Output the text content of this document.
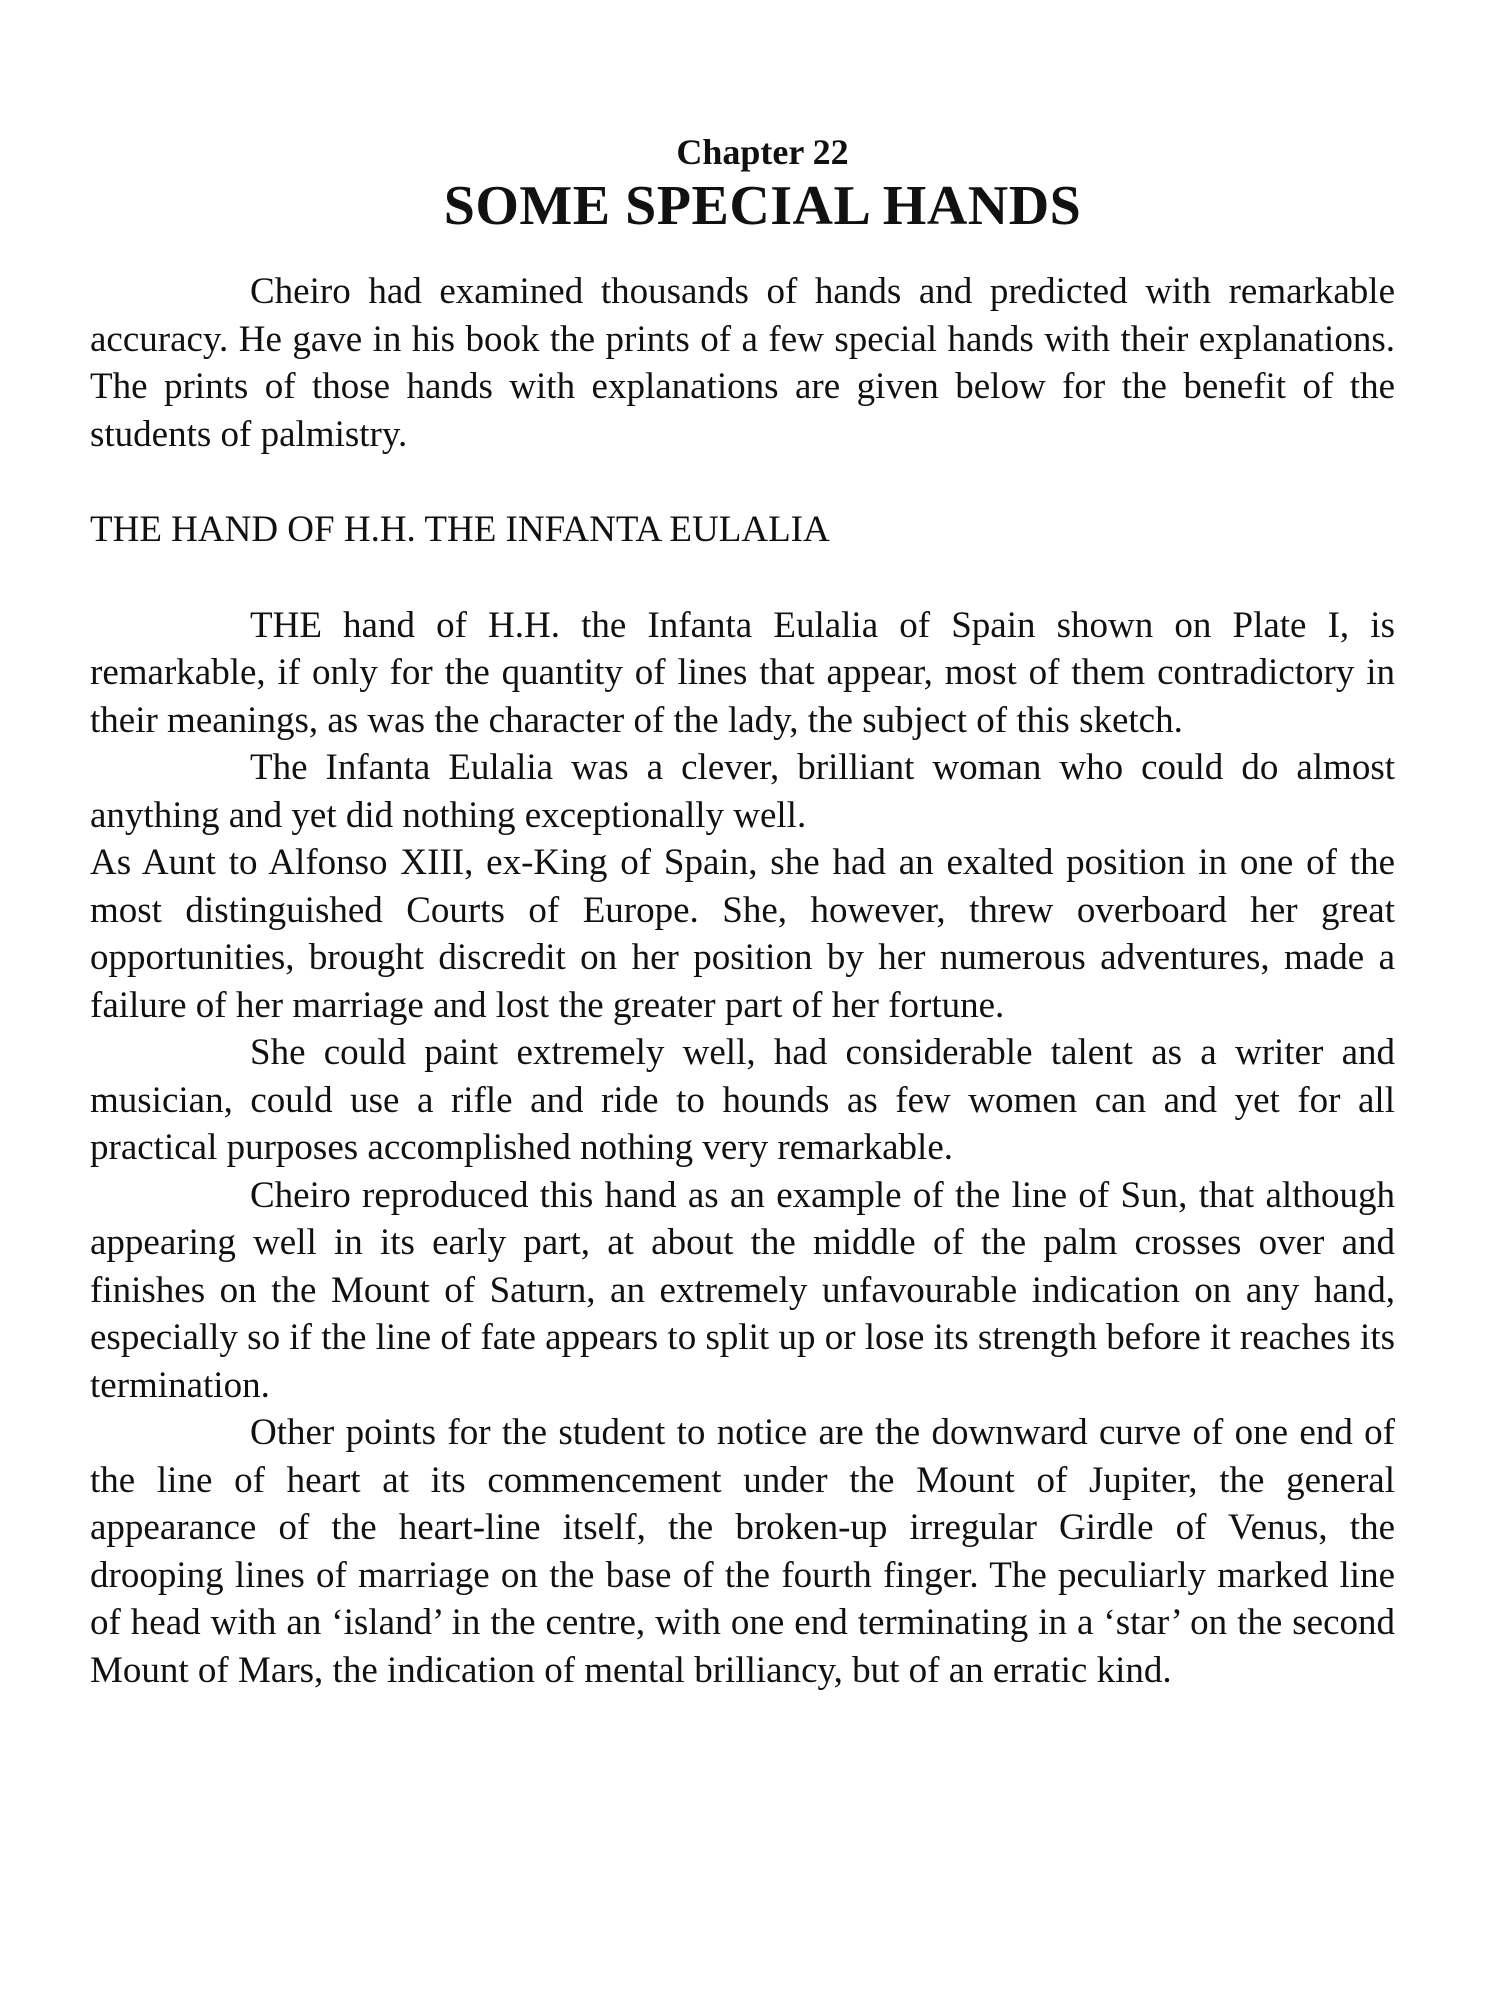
Chapter 22
SOME SPECIAL HANDS

Cheiro had examined thousands of hands and predicted with remarkable accuracy. He gave in his book the prints of a few special hands with their explanations. The prints of those hands with explanations are given below for the benefit of the students of palmistry.

THE HAND OF H.H. THE INFANTA EULALIA

THE hand of H.H. the Infanta Eulalia of Spain shown on Plate I, is remarkable, if only for the quantity of lines that appear, most of them contradictory in their meanings, as was the character of the lady, the subject of this sketch.

The Infanta Eulalia was a clever, brilliant woman who could do almost anything and yet did nothing exceptionally well.

As Aunt to Alfonso XIII, ex-King of Spain, she had an exalted position in one of the most distinguished Courts of Europe. She, however, threw overboard her great opportunities, brought discredit on her position by her numerous adventures, made a failure of her marriage and lost the greater part of her fortune.

She could paint extremely well, had considerable talent as a writer and musician, could use a rifle and ride to hounds as few women can and yet for all practical purposes accomplished nothing very remarkable.

Cheiro reproduced this hand as an example of the line of Sun, that although appearing well in its early part, at about the middle of the palm crosses over and finishes on the Mount of Saturn, an extremely unfavourable indication on any hand, especially so if the line of fate appears to split up or lose its strength before it reaches its termination.

Other points for the student to notice are the downward curve of one end of the line of heart at its commencement under the Mount of Jupiter, the general appearance of the heart-line itself, the broken-up irregular Girdle of Venus, the drooping lines of marriage on the base of the fourth finger. The peculiarly marked line of head with an ‘island’ in the centre, with one end terminating in a ‘star’ on the second Mount of Mars, the indication of mental brilliancy, but of an erratic kind.
